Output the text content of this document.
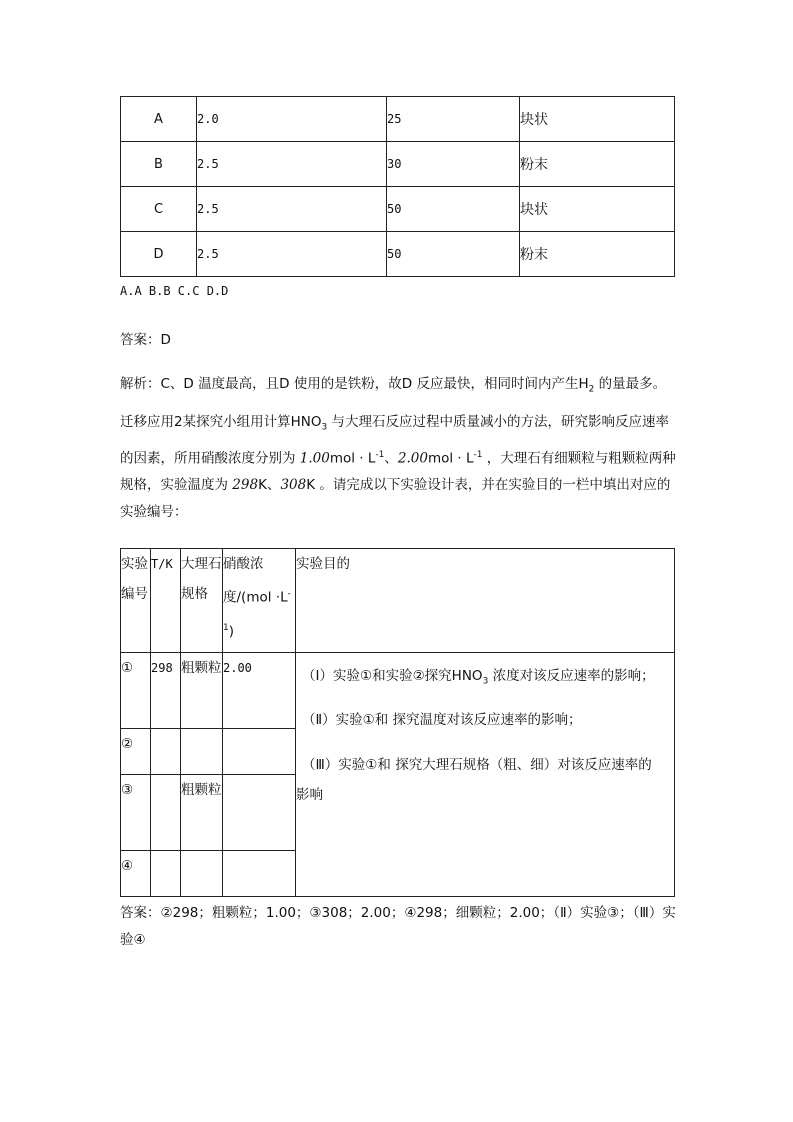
A	2.0	25	块状
B	2.5	30	粉末
C	2.5	50	块状
D	2.5	50	粉末
A.A B.B C.C D.D
答案：D
解析：C、D 温度最高，且D 使用的是铁粉，故D 反应最快，相同时间内产生$H_2$ 的量最多。
迁移应用2某探究小组用计算$HNO_3$ 与大理石反应过程中质量减小的方法，研究影响反应速率的因素，所用硝酸浓度分别为 $1.00mol \cdot L^{-1}$、$2.00mol \cdot L^{-1}$ ，大理石有细颗粒与粗颗粒两种规格，实验温度为 298K、308K 。请完成以下实验设计表，并在实验目的一栏中填出对应的实验编号：
实验编号	T/K	大理石规格	硝酸浓度$/(mol \cdot L^{-1})$	实验目的
①	298	粗颗粒	2.00	（Ⅰ）实验①和实验②探究$HNO_3$ 浓度对该反应速率的影响；
（Ⅱ）实验①和 探究温度对该反应速率的影响；
（Ⅲ）实验①和 探究大理石规格（粗、细）对该反应速率的
影响

②				
③		粗颗粒		
④				
答案：②298；粗颗粒；1.00；③308；2.00；④298；细颗粒；2.00；（Ⅱ）实验③；（Ⅲ）实验④
